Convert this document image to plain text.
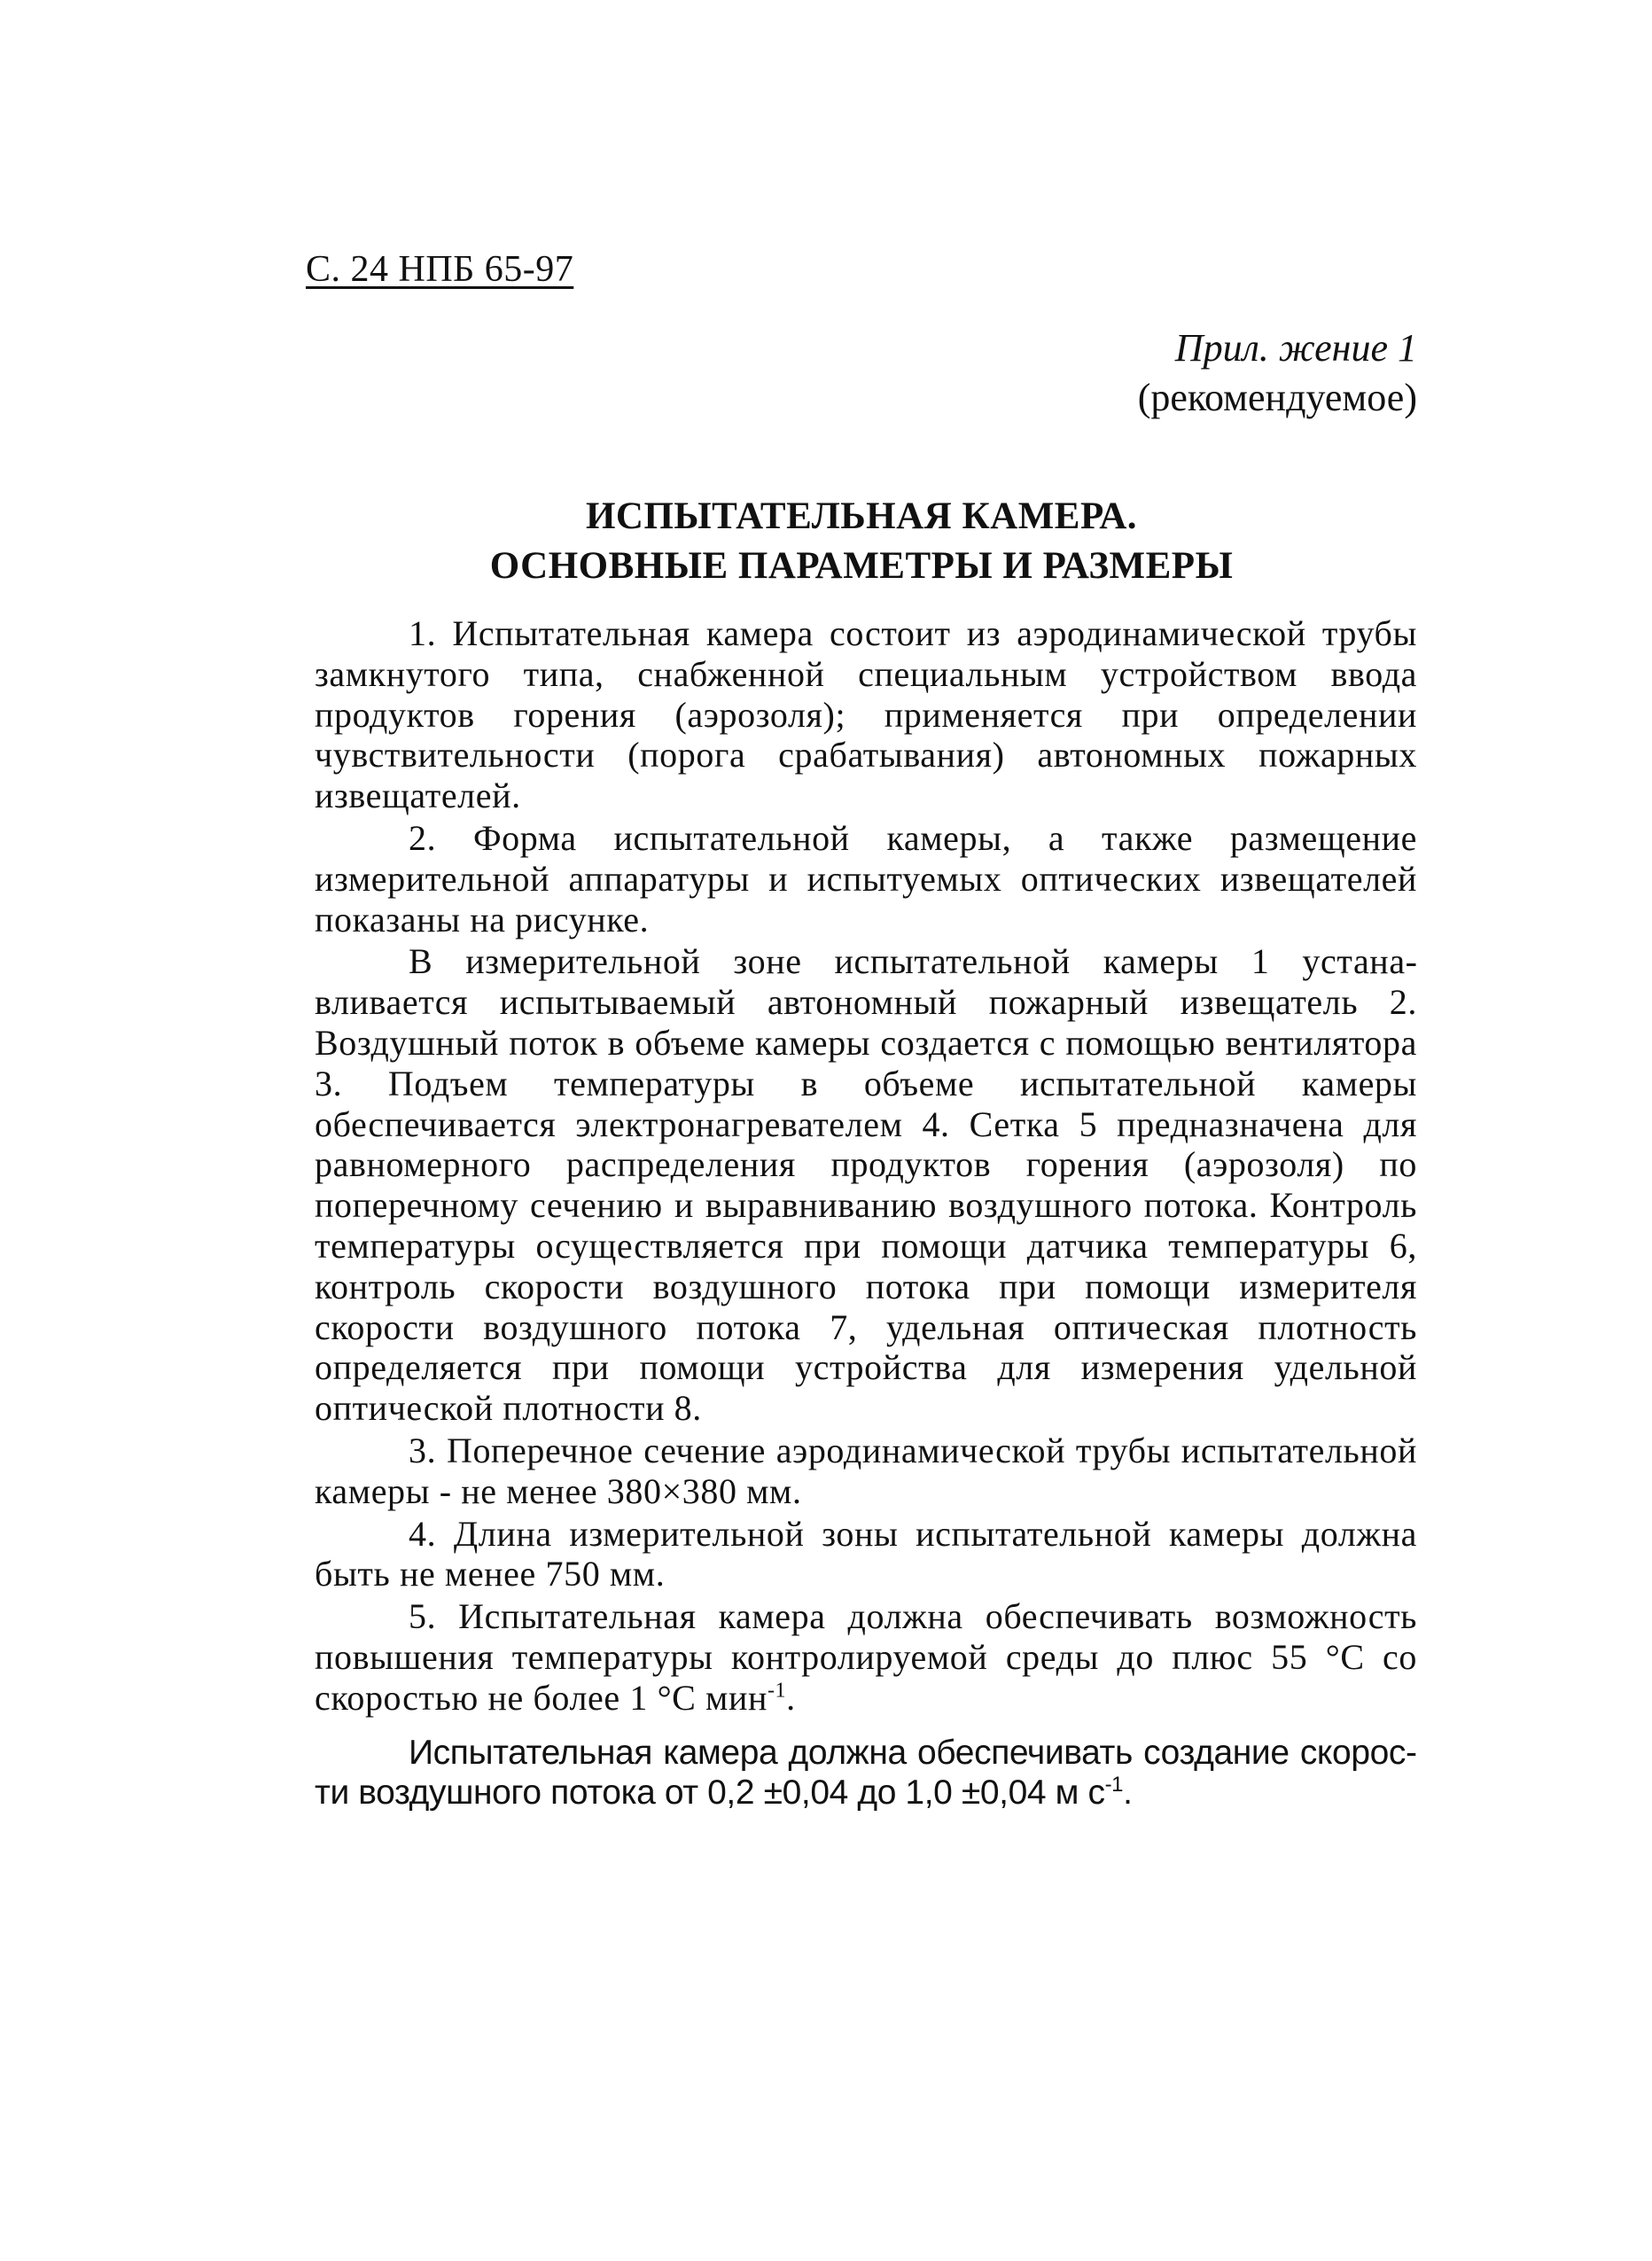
С. 24 НПБ 65-97
Прил. жение 1
(рекомендуемое)
ИСПЫТАТЕЛЬНАЯ КАМЕРА.
ОСНОВНЫЕ ПАРАМЕТРЫ И РАЗМЕРЫ

1. Испытательная камера состоит из аэродинамической трубы замкнутого типа, снабженной специальным устройством ввода продуктов горения (аэрозоля); применяется при определении чувствительности (порога срабатывания) автономных пожарных извещателей.

2. Форма испытательной камеры, а также размещение измерительной аппаратуры и испытуемых оптических извещателей показаны на рисунке.

В измерительной зоне испытательной камеры 1 устанавливается испытываемый автономный пожарный извещатель 2. Воздушный поток в объеме камеры создается с помощью вентилятора 3. Подъем температуры в объеме испытательной камеры обеспечивается электронагревателем 4. Сетка 5 предназначена для равномерного распределения продуктов горения (аэрозоля) по поперечному сечению и выравниванию воздушного потока. Контроль температуры осуществляется при помощи датчика температуры 6, контроль скорости воздушного потока при помощи измерителя скорости воздушного потока 7, удельная оптическая плотность определяется при помощи устройства для измерения удельной оптической плотности 8.

3. Поперечное сечение аэродинамической трубы испытательной камеры - не менее 380×380 мм.

4. Длина измерительной зоны испытательной камеры должна быть не менее 750 мм.

5. Испытательная камера должна обеспечивать возможность повышения температуры контролируемой среды до плюс 55 °С со скоростью не более 1 °С мин$^{-1}$.

Испытательная камера должна обеспечивать создание скорости воздушного потока от 0,2 ±0,04 до 1,0 ±0,04 м $с^{-1}$.
